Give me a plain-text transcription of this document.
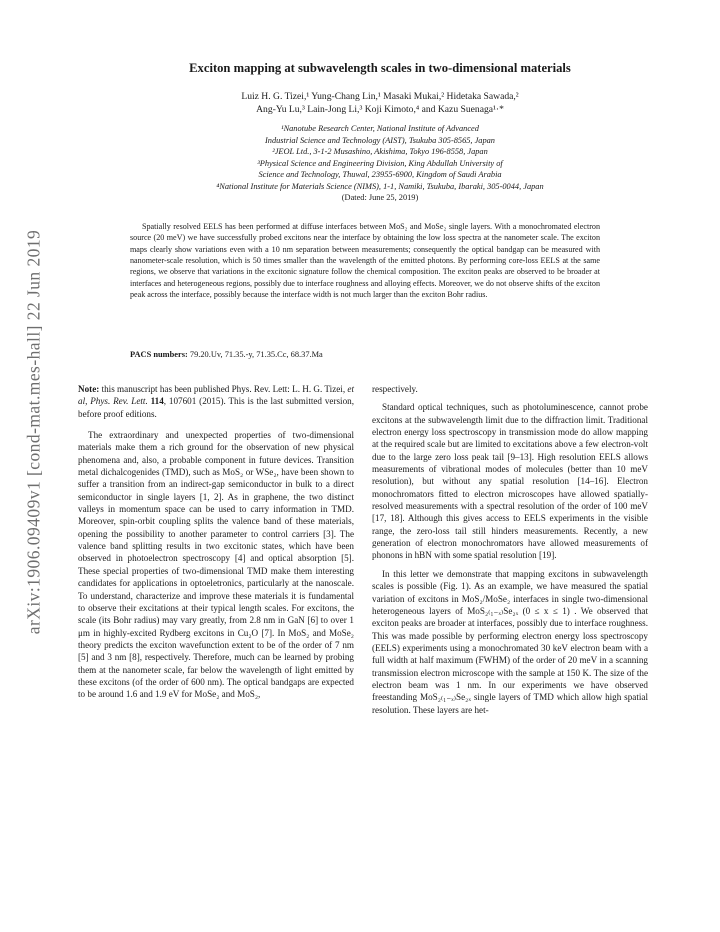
arXiv:1906.09409v1 [cond-mat.mes-hall] 22 Jun 2019
Exciton mapping at subwavelength scales in two-dimensional materials
Luiz H. G. Tizei,¹ Yung-Chang Lin,¹ Masaki Mukai,² Hidetaka Sawada,²
Ang-Yu Lu,³ Lain-Jong Li,³ Koji Kimoto,⁴ and Kazu Suenaga¹·*
¹Nanotube Research Center, National Institute of Advanced
Industrial Science and Technology (AIST), Tsukuba 305-8565, Japan
²JEOL Ltd., 3-1-2 Musashino, Akishima, Tokyo 196-8558, Japan
³Physical Science and Engineering Division, King Abdullah University of
Science and Technology, Thuwal, 23955-6900, Kingdom of Saudi Arabia
⁴National Institute for Materials Science (NIMS), 1-1, Namiki, Tsukuba, Ibaraki, 305-0044, Japan
(Dated: June 25, 2019)

Spatially resolved EELS has been performed at diffuse interfaces between MoS₂ and MoSe₂ single layers. With a monochromated electron source (20 meV) we have successfully probed excitons near the interface by obtaining the low loss spectra at the nanometer scale. The exciton maps clearly show variations even with a 10 nm separation between measurements; consequently the optical bandgap can be measured with nanometer-scale resolution, which is 50 times smaller than the wavelength of the emitted photons. By performing core-loss EELS at the same regions, we observe that variations in the excitonic signature follow the chemical composition. The exciton peaks are observed to be broader at interfaces and heterogeneous regions, possibly due to interface roughness and alloying effects. Moreover, we do not observe shifts of the exciton peak across the interface, possibly because the interface width is not much larger than the exciton Bohr radius.

PACS numbers: 79.20.Uv, 71.35.-y, 71.35.Cc, 68.37.Ma

Note: this manuscript has been published Phys. Rev. Lett: L. H. G. Tizei, et al, Phys. Rev. Lett. 114, 107601 (2015). This is the last submitted version, before proof editions.

The extraordinary and unexpected properties of two-dimensional materials make them a rich ground for the observation of new physical phenomena and, also, a probable component in future devices. Transition metal dichalcogenides (TMD), such as MoS₂ or WSe₂, have been shown to suffer a transition from an indirect-gap semiconductor in bulk to a direct semiconductor in single layers [1, 2]. As in graphene, the two distinct valleys in momentum space can be used to carry information in TMD. Moreover, spin-orbit coupling splits the valence band of these materials, opening the possibility to another parameter to control carriers [3]. The valence band splitting results in two excitonic states, which have been observed in photoelectron spectroscopy [4] and optical absorption [5]. These special properties of two-dimensional TMD make them interesting candidates for applications in optoeletronics, particularly at the nanoscale. To understand, characterize and improve these materials it is fundamental to observe their excitations at their typical length scales. For excitons, the scale (its Bohr radius) may vary greatly, from 2.8 nm in GaN [6] to over 1 μm in highly-excited Rydberg excitons in Cu₂O [7]. In MoS₂ and MoSe₂ theory predicts the exciton wavefunction extent to be of the order of 7 nm [5] and 3 nm [8], respectively. Therefore, much can be learned by probing them at the nanometer scale, far below the wavelength of light emitted by these excitons (of the order of 600 nm). The optical bandgaps are expected to be around 1.6 and 1.9 eV for MoSe₂ and MoS₂,

respectively.

Standard optical techniques, such as photoluminescence, cannot probe excitons at the subwavelength limit due to the diffraction limit. Traditional electron energy loss spectroscopy in transmission mode do allow mapping at the required scale but are limited to excitations above a few electron-volt due to the large zero loss peak tail [9–13]. High resolution EELS allows measurements of vibrational modes of molecules (better than 10 meV resolution), but without any spatial resolution [14–16]. Electron monochromators fitted to electron microscopes have allowed spatially-resolved measurements with a spectral resolution of the order of 100 meV [17, 18]. Although this gives access to EELS experiments in the visible range, the zero-loss tail still hinders measurements. Recently, a new generation of electron monochromators have allowed measurements of phonons in hBN with some spatial resolution [19].

In this letter we demonstrate that mapping excitons in subwavelength scales is possible (Fig. 1). As an example, we have measured the spatial variation of excitons in MoS₂/MoSe₂ interfaces in single two-dimensional heterogeneous layers of MoS₂₍₁₋ₓ₎Se₂ₓ (0 ≤ x ≤ 1) . We observed that exciton peaks are broader at interfaces, possibly due to interface roughness. This was made possible by performing electron energy loss spectroscopy (EELS) experiments using a monochromated 30 keV electron beam with a full width at half maximum (FWHM) of the order of 20 meV in a scanning transmission electron microscope with the sample at 150 K. The size of the electron beam was 1 nm. In our experiments we have observed freestanding MoS₂₍₁₋ₓ₎Se₂ₓ single layers of TMD which allow high spatial resolution. These layers are het-
